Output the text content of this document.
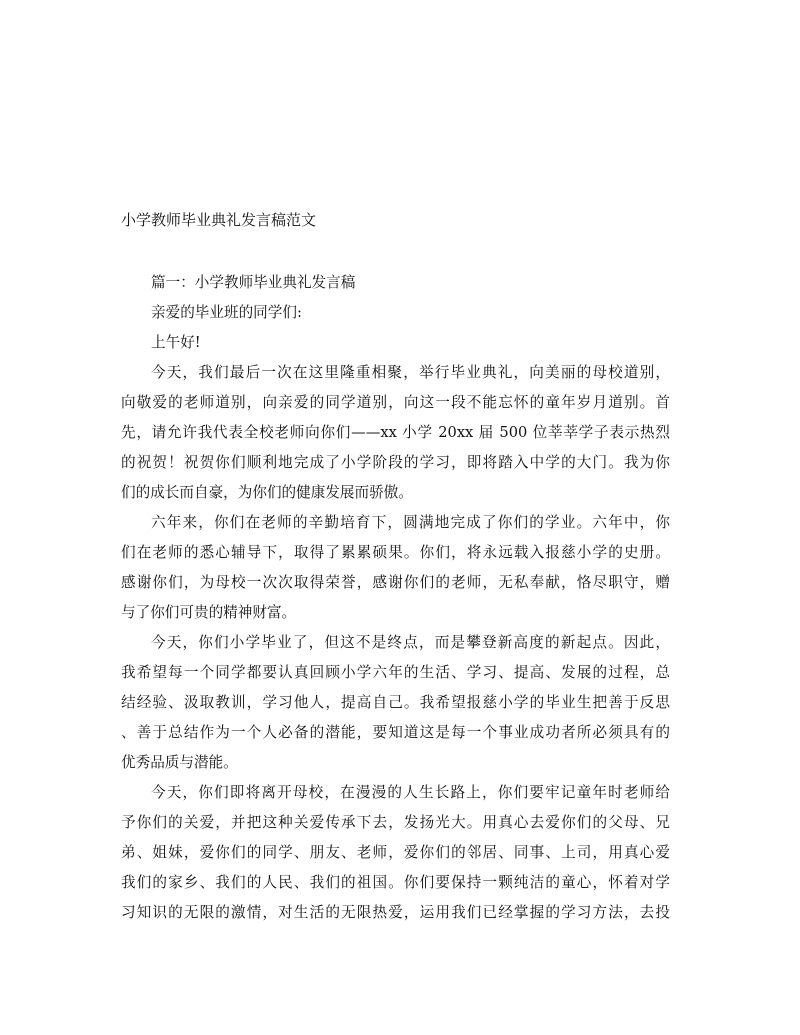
小学教师毕业典礼发言稿范文
篇一：小学教师毕业典礼发言稿
亲爱的毕业班的同学们:
上午好!
今天，我们最后一次在这里隆重相聚，举行毕业典礼，向美丽的母校道别，
向敬爱的老师道别，向亲爱的同学道别，向这一段不能忘怀的童年岁月道别。首
先，请允许我代表全校老师向你们——xx 小学 20xx 届 500 位莘莘学子表示热烈
的祝贺！祝贺你们顺利地完成了小学阶段的学习，即将踏入中学的大门。我为你
们的成长而自豪，为你们的健康发展而骄傲。
六年来，你们在老师的辛勤培育下，圆满地完成了你们的学业。六年中，你
们在老师的悉心辅导下，取得了累累硕果。你们，将永远载入报慈小学的史册。
感谢你们，为母校一次次取得荣誉，感谢你们的老师，无私奉献，恪尽职守，赠
与了你们可贵的精神财富。
今天，你们小学毕业了，但这不是终点，而是攀登新高度的新起点。因此，
我希望每一个同学都要认真回顾小学六年的生活、学习、提高、发展的过程，总
结经验、汲取教训，学习他人，提高自己。我希望报慈小学的毕业生把善于反思
、善于总结作为一个人必备的潜能，要知道这是每一个事业成功者所必须具有的
优秀品质与潜能。
今天，你们即将离开母校，在漫漫的人生长路上，你们要牢记童年时老师给
予你们的关爱，并把这种关爱传承下去，发扬光大。用真心去爱你们的父母、兄
弟、姐妹，爱你们的同学、朋友、老师，爱你们的邻居、同事、上司，用真心爱
我们的家乡、我们的人民、我们的祖国。你们要保持一颗纯洁的童心，怀着对学
习知识的无限的激情，对生活的无限热爱，运用我们已经掌握的学习方法，去投
